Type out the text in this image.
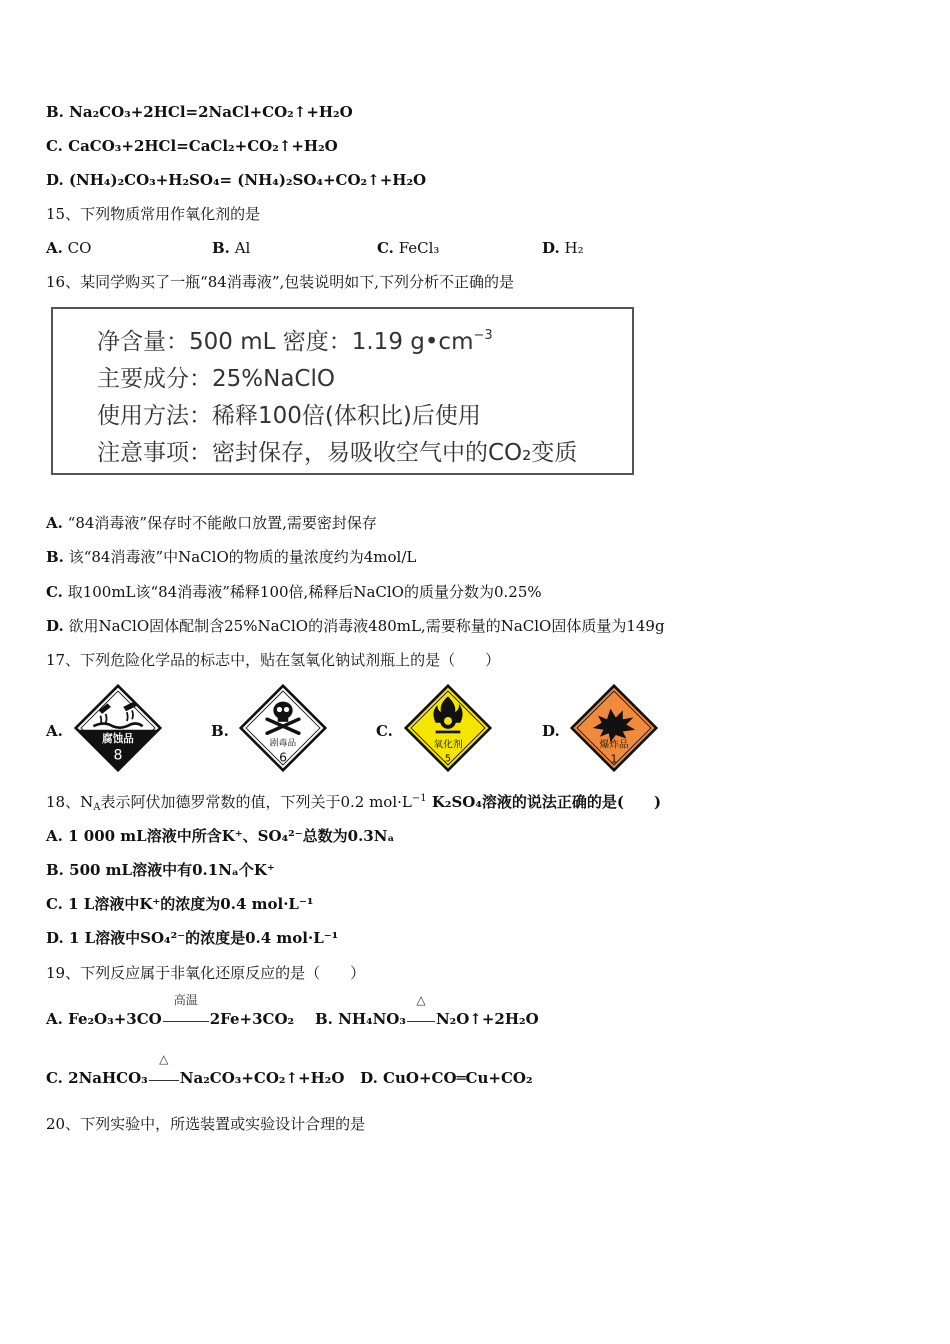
B. Na₂CO₃+2HCl=2NaCl+CO₂↑+H₂O
C. CaCO₃+2HCl=CaCl₂+CO₂↑+H₂O
D. (NH₄)₂CO₃+H₂SO₄= (NH₄)₂SO₄+CO₂↑+H₂O
15、下列物质常用作氧化剂的是
A. CO	B. Al	C. FeCl₃	D. H₂
16、某同学购买了一瓶“84消毒液”,包装说明如下,下列分析不正确的是
净含量：500 mL 密度：1.19 $g•cm^{-3}$
主要成分：25%NaClO
使用方法：稀释100倍(体积比)后使用
注意事项：密封保存，易吸收空气中的CO₂变质
A. “84消毒液”保存时不能敞口放置,需要密封保存
B. 该“84消毒液”中NaClO的物质的量浓度约为4mol/L
C. 取100mL该“84消毒液”稀释100倍,稀释后NaClO的质量分数为0.25%
D. 欲用NaClO固体配制含25%NaClO的消毒液480mL,需要称量的NaClO固体质量为149g
17、下列危险化学品的标志中，贴在氢氧化钠试剂瓶上的是（　　）
A.	腐蚀品
8
B.
剧毒品
6
C.
氧化剂
5
D.
爆炸品
1
18、$N_A$表示阿伏加德罗常数的值，下列关于0.2 $mol\cdot L^{-1}$ K₂SO₄溶液的说法正确的是(　　)
A. 1 000 mL溶液中所含K⁺、SO₄²⁻总数为0.3Nₐ
B. 500 mL溶液中有0.1Nₐ个K⁺
C. 1 L溶液中K⁺的浓度为0.4 mol·L⁻¹
D. 1 L溶液中SO₄²⁻的浓度是0.4 mol·L⁻¹
19、下列反应属于非氧化还原反应的是（　　）
A. Fe₂O₃+3CO
高温
2Fe+3CO₂ B. NH₄NO₃
△
N₂O↑+2H₂O
C. 2NaHCO₃
△
Na₂CO₃+CO₂↑+H₂O D. CuO+CO═Cu+CO₂
20、下列实验中，所选装置或实验设计合理的是
